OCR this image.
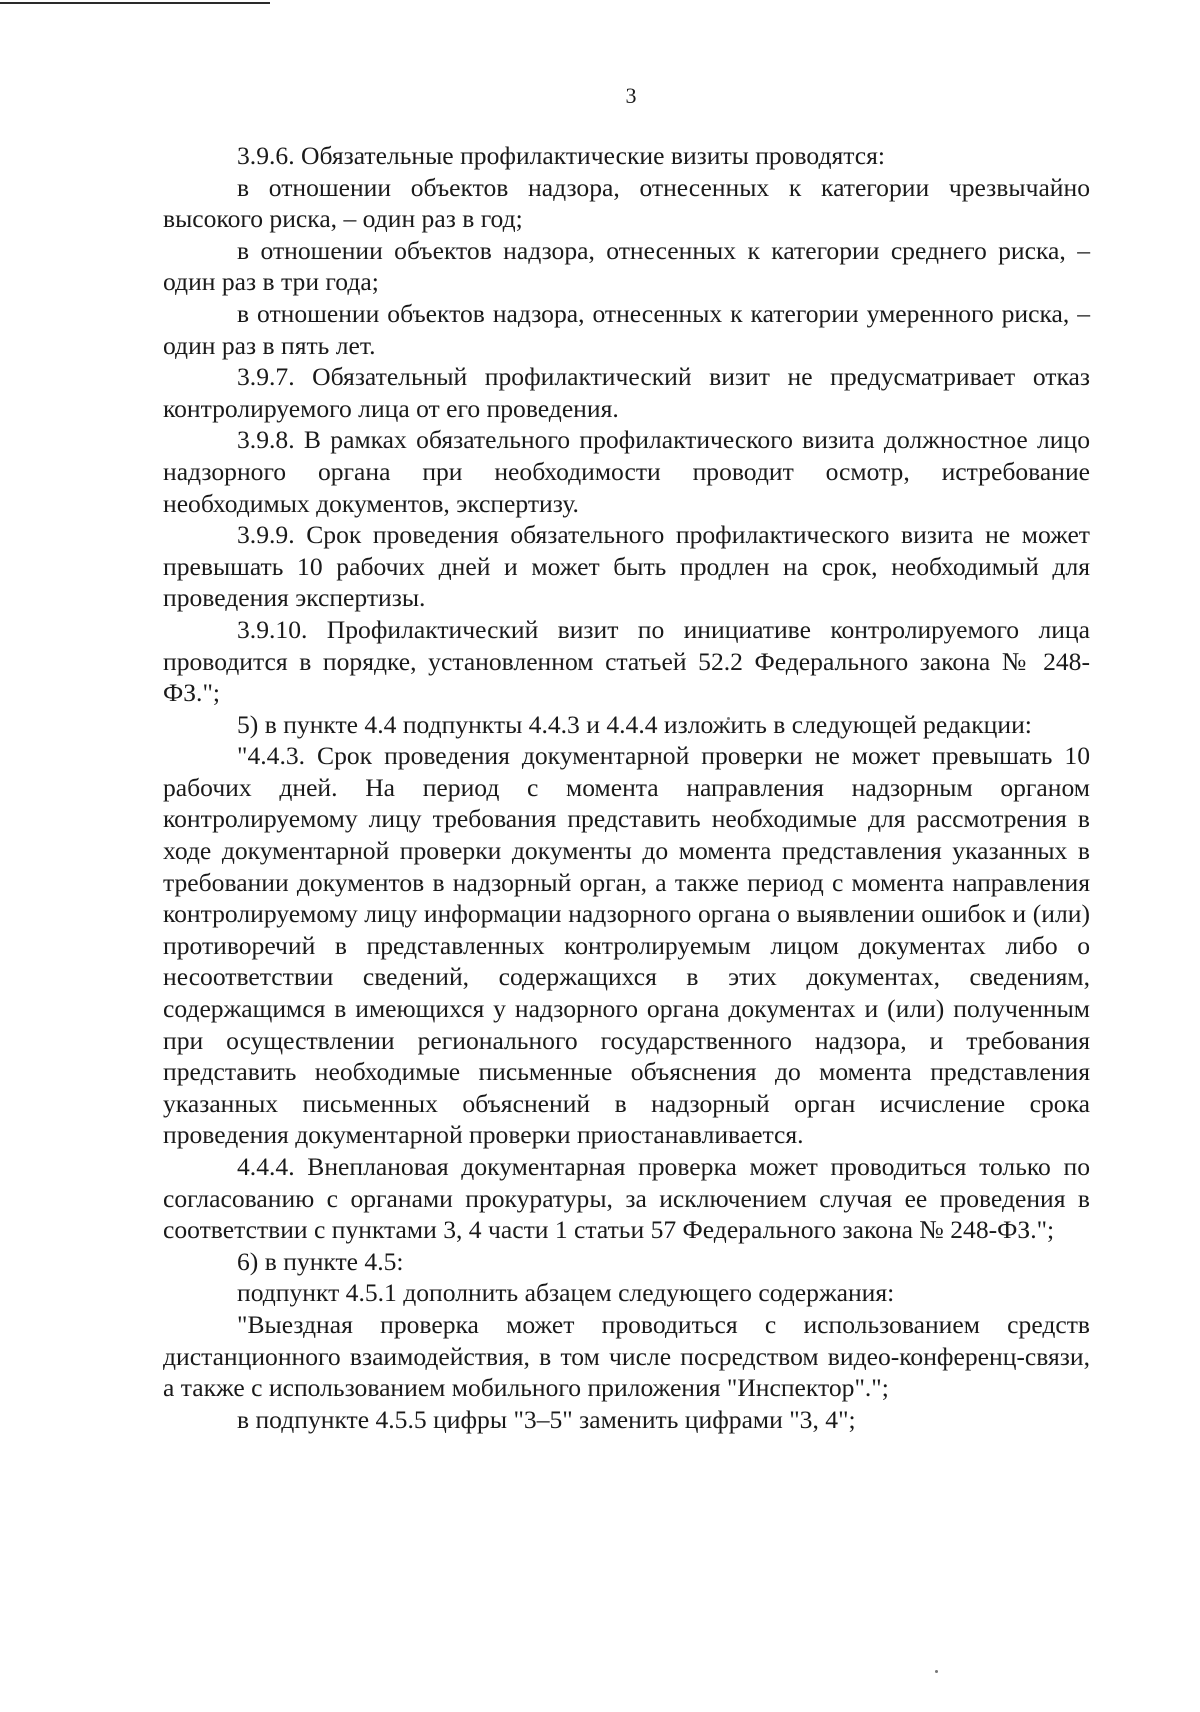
3

3.9.6. Обязательные профилактические визиты проводятся:

в отношении объектов надзора, отнесенных к категории чрезвычайно высокого риска, – один раз в год;

в отношении объектов надзора, отнесенных к категории среднего риска, – один раз в три года;

в отношении объектов надзора, отнесенных к категории умеренного риска, – один раз в пять лет.

3.9.7. Обязательный профилактический визит не предусматривает отказ контролируемого лица от его проведения.

3.9.8. В рамках обязательного профилактического визита должностное лицо надзорного органа при необходимости проводит осмотр, истребование необходимых документов, экспертизу.

3.9.9. Срок проведения обязательного профилактического визита не может превышать 10 рабочих дней и может быть продлен на срок, необходимый для проведения экспертизы.

3.9.10. Профилактический визит по инициативе контролируемого лица проводится в порядке, установленном статьей 52.2 Федерального закона № 248-ФЗ.";

5) в пункте 4.4 подпункты 4.4.3 и 4.4.4 изложить в следующей редакции:

"4.4.3. Срок проведения документарной проверки не может превышать 10 рабочих дней. На период с момента направления надзорным органом контролируемому лицу требования представить необходимые для рассмотрения в ходе документарной проверки документы до момента представления указанных в требовании документов в надзорный орган, а также период с момента направления контролируемому лицу информации надзорного органа о выявлении ошибок и (или) противоречий в представленных контролируемым лицом документах либо о несоответствии сведений, содержащихся в этих документах, сведениям, содержащимся в имеющихся у надзорного органа документах и (или) полученным при осуществлении регионального государственного надзора, и требования представить необходимые письменные объяснения до момента представления указанных письменных объяснений в надзорный орган исчисление срока проведения документарной проверки приостанавливается.

4.4.4. Внеплановая документарная проверка может проводиться только по согласованию с органами прокуратуры, за исключением случая ее проведения в соответствии с пунктами 3, 4 части 1 статьи 57 Федерального закона № 248-ФЗ.";

6) в пункте 4.5:

подпункт 4.5.1 дополнить абзацем следующего содержания:

"Выездная проверка может проводиться с использованием средств дистанционного взаимодействия, в том числе посредством видео-конференц-связи, а также с использованием мобильного приложения "Инспектор".";

в подпункте 4.5.5 цифры "3–5" заменить цифрами "3, 4";
